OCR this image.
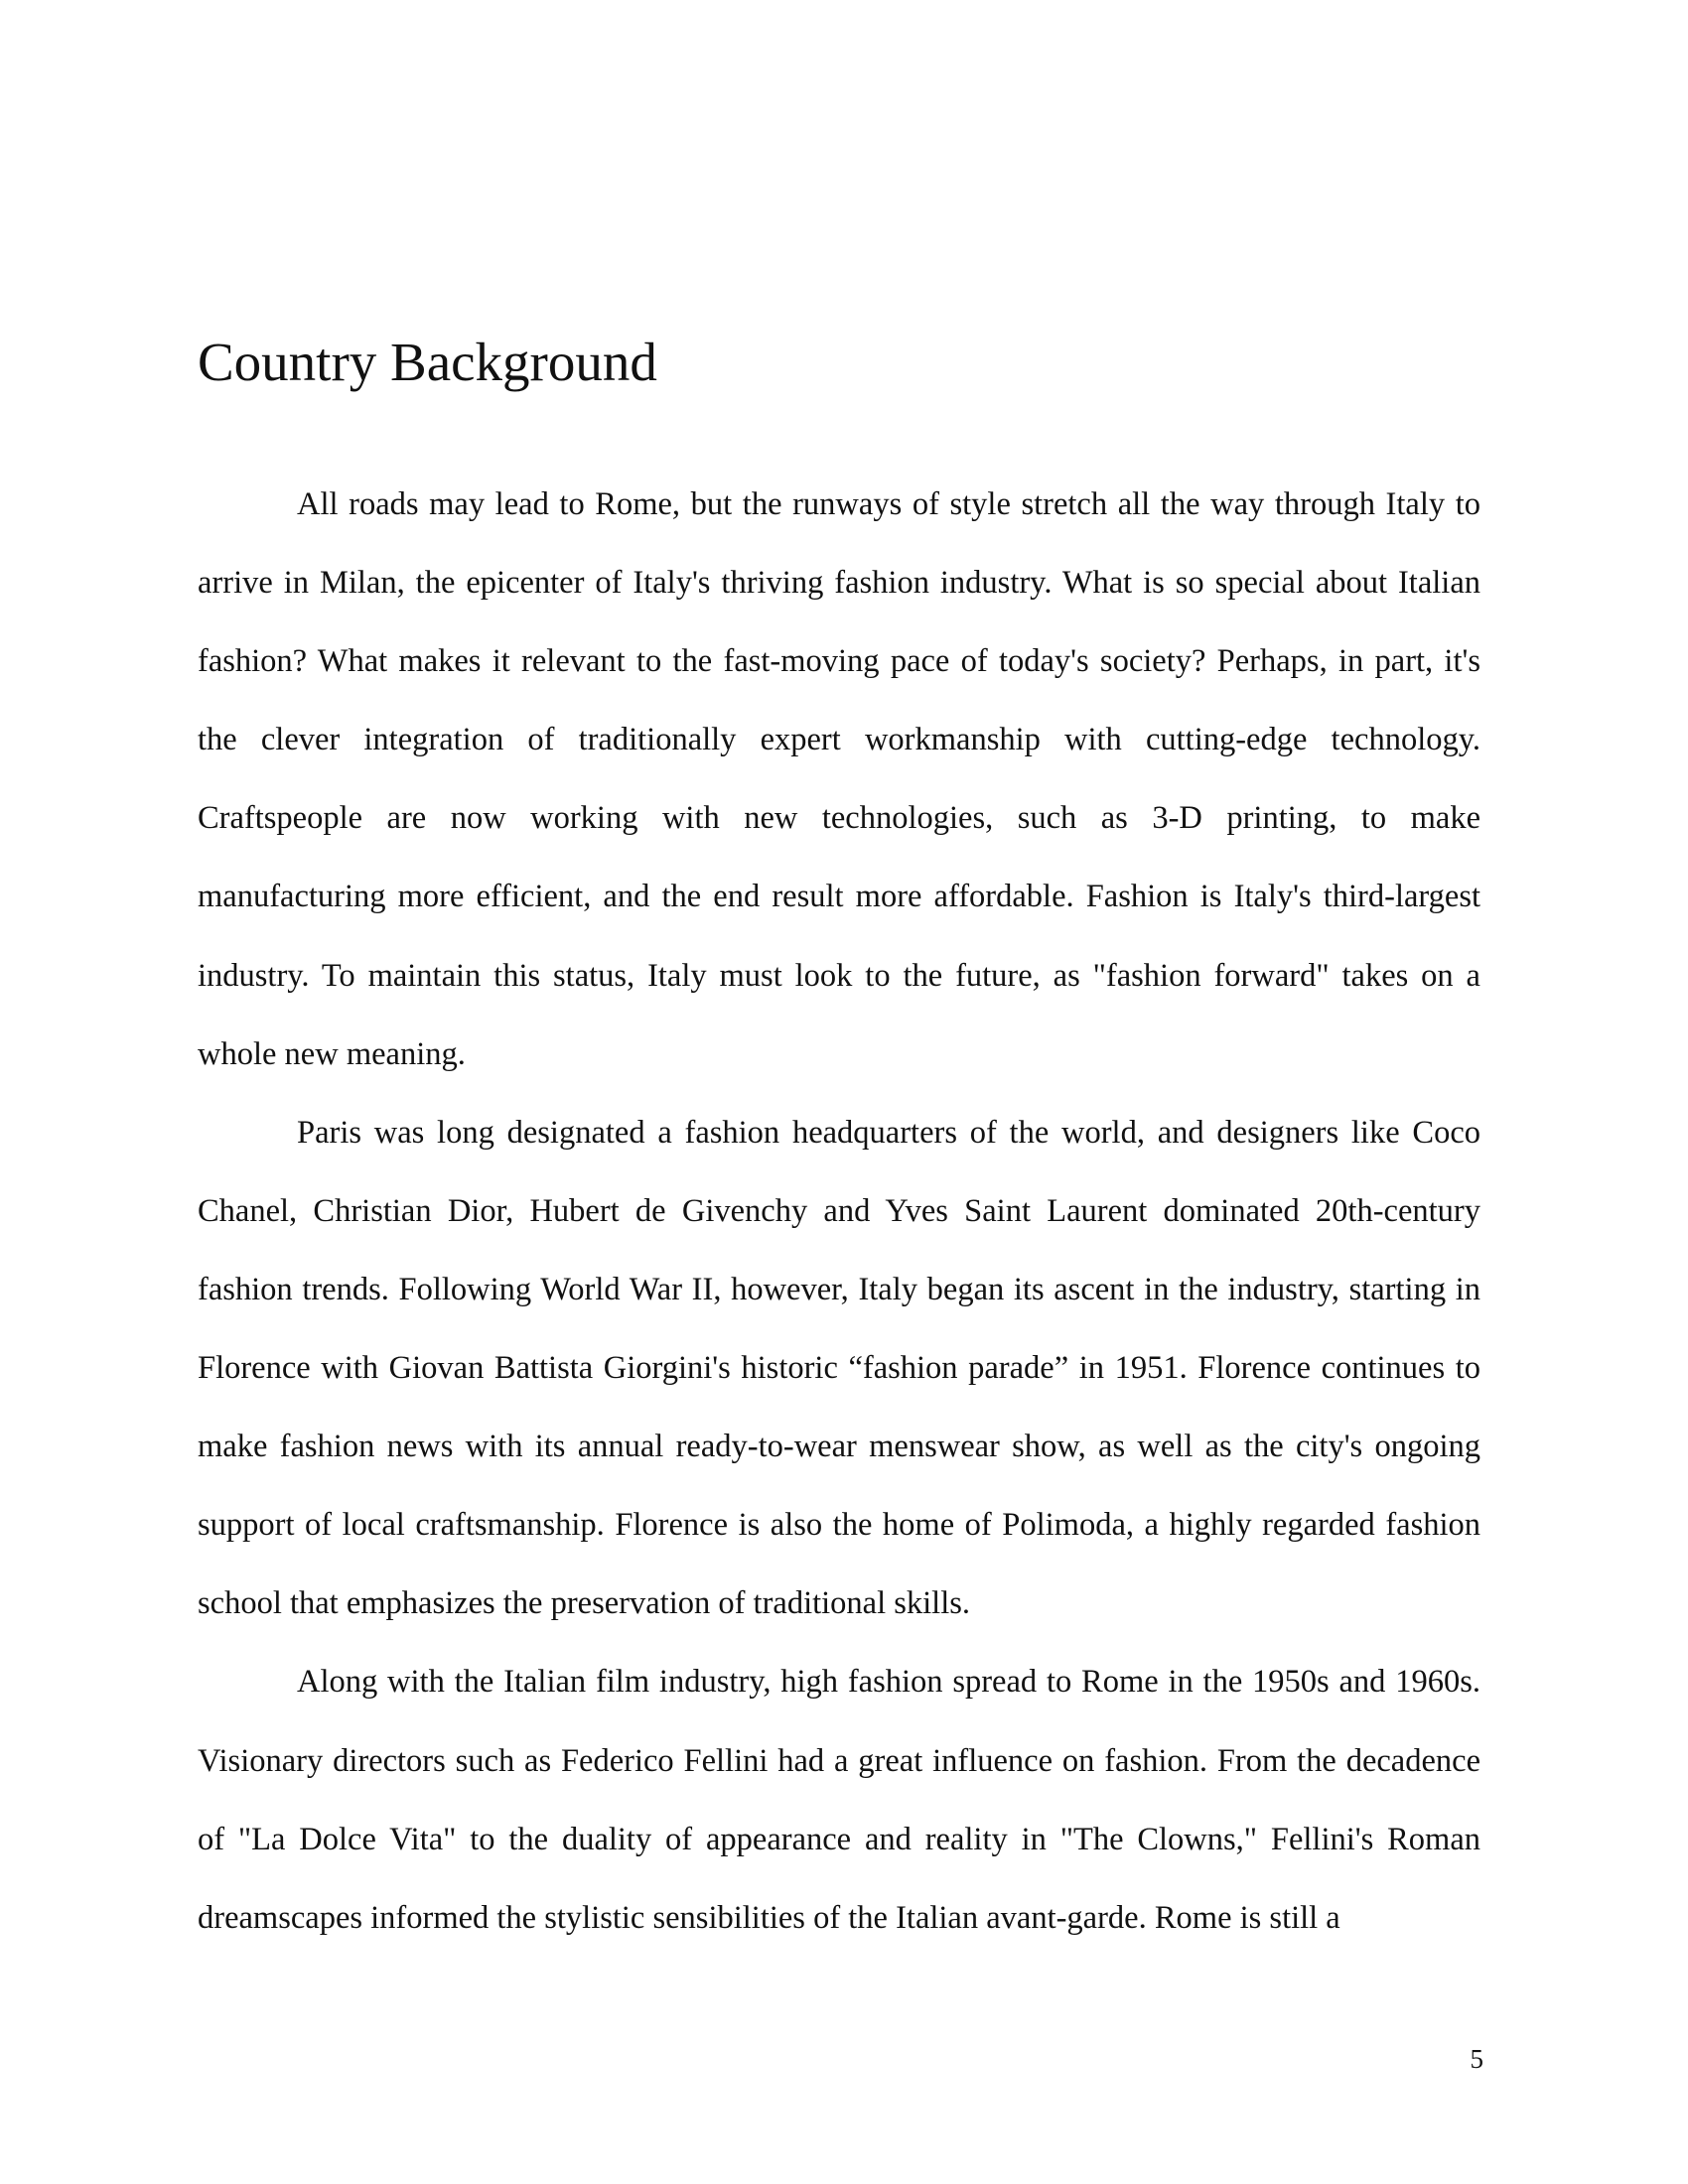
Country Background

All roads may lead to Rome, but the runways of style stretch all the way through Italy to arrive in Milan, the epicenter of Italy's thriving fashion industry. What is so special about Italian fashion? What makes it relevant to the fast-moving pace of today's society? Perhaps, in part, it's the clever integration of traditionally expert workmanship with cutting-edge technology. Craftspeople are now working with new technologies, such as 3-D printing, to make manufacturing more efficient, and the end result more affordable. Fashion is Italy's third-largest industry. To maintain this status, Italy must look to the future, as "fashion forward" takes on a whole new meaning.

Paris was long designated a fashion headquarters of the world, and designers like Coco Chanel, Christian Dior, Hubert de Givenchy and Yves Saint Laurent dominated 20th-century fashion trends. Following World War II, however, Italy began its ascent in the industry, starting in Florence with Giovan Battista Giorgini's historic “fashion parade” in 1951. Florence continues to make fashion news with its annual ready-to-wear menswear show, as well as the city's ongoing support of local craftsmanship. Florence is also the home of Polimoda, a highly regarded fashion school that emphasizes the preservation of traditional skills.

Along with the Italian film industry, high fashion spread to Rome in the 1950s and 1960s. Visionary directors such as Federico Fellini had a great influence on fashion. From the decadence of "La Dolce Vita" to the duality of appearance and reality in "The Clowns," Fellini's Roman dreamscapes informed the stylistic sensibilities of the Italian avant-garde. Rome is still a

5
